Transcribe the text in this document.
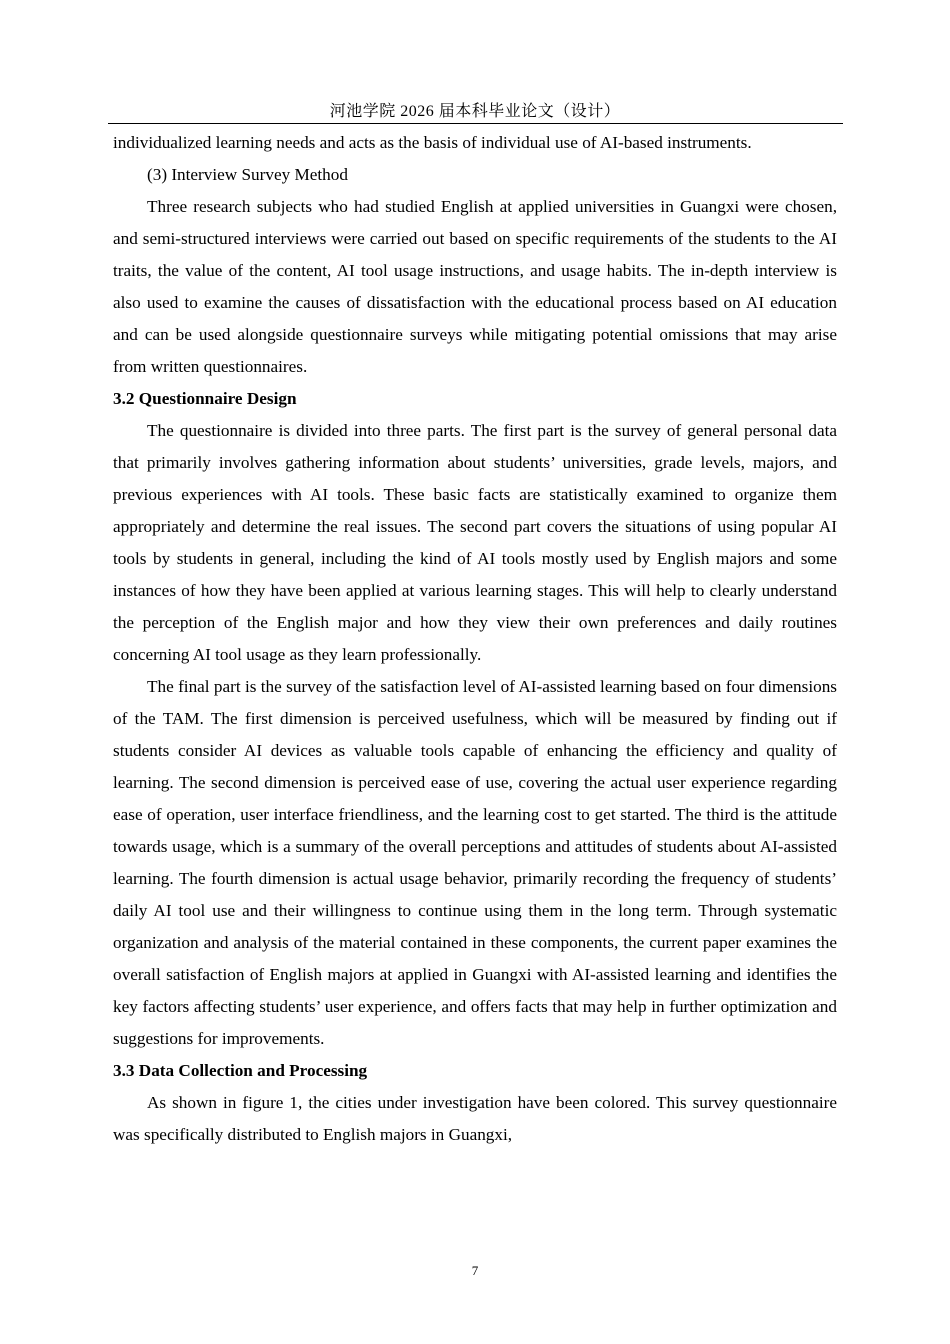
河池学院 2026 届本科毕业论文（设计）

individualized learning needs and acts as the basis of individual use of AI-based instruments.

(3) Interview Survey Method

Three research subjects who had studied English at applied universities in Guangxi were chosen, and semi-structured interviews were carried out based on specific requirements of the students to the AI traits, the value of the content, AI tool usage instructions, and usage habits. The in-depth interview is also used to examine the causes of dissatisfaction with the educational process based on AI education and can be used alongside questionnaire surveys while mitigating potential omissions that may arise from written questionnaires.

3.2 Questionnaire Design

The questionnaire is divided into three parts. The first part is the survey of general personal data that primarily involves gathering information about students’ universities, grade levels, majors, and previous experiences with AI tools. These basic facts are statistically examined to organize them appropriately and determine the real issues. The second part covers the situations of using popular AI tools by students in general, including the kind of AI tools mostly used by English majors and some instances of how they have been applied at various learning stages. This will help to clearly understand the perception of the English major and how they view their own preferences and daily routines concerning AI tool usage as they learn professionally.

The final part is the survey of the satisfaction level of AI-assisted learning based on four dimensions of the TAM. The first dimension is perceived usefulness, which will be measured by finding out if students consider AI devices as valuable tools capable of enhancing the efficiency and quality of learning. The second dimension is perceived ease of use, covering the actual user experience regarding ease of operation, user interface friendliness, and the learning cost to get started. The third is the attitude towards usage, which is a summary of the overall perceptions and attitudes of students about AI-assisted learning. The fourth dimension is actual usage behavior, primarily recording the frequency of students’ daily AI tool use and their willingness to continue using them in the long term. Through systematic organization and analysis of the material contained in these components, the current paper examines the overall satisfaction of English majors at applied in Guangxi with AI-assisted learning and identifies the key factors affecting students’ user experience, and offers facts that may help in further optimization and suggestions for improvements.

3.3 Data Collection and Processing

As shown in figure 1, the cities under investigation have been colored. This survey questionnaire was specifically distributed to English majors in Guangxi,

7
